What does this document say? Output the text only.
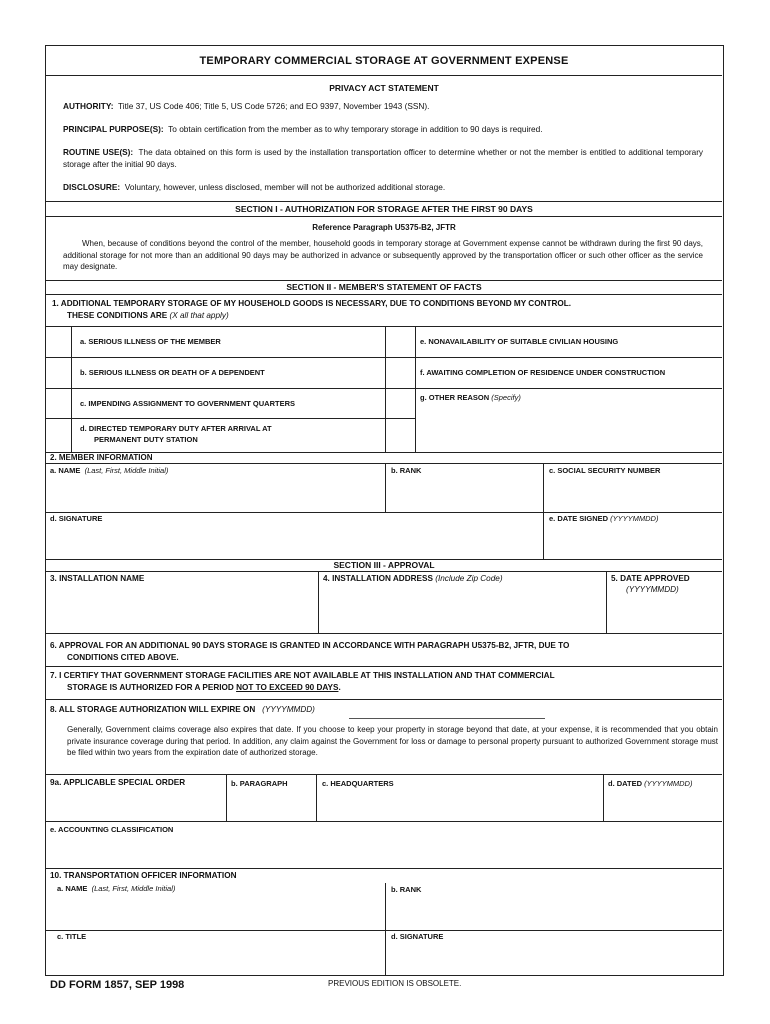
TEMPORARY COMMERCIAL STORAGE AT GOVERNMENT EXPENSE
PRIVACY ACT STATEMENT
AUTHORITY: Title 37, US Code 406; Title 5, US Code 5726; and EO 9397, November 1943 (SSN).
PRINCIPAL PURPOSE(S): To obtain certification from the member as to why temporary storage in addition to 90 days is required.
ROUTINE USE(S): The data obtained on this form is used by the installation transportation officer to determine whether or not the member is entitled to additional temporary storage after the initial 90 days.
DISCLOSURE: Voluntary, however, unless disclosed, member will not be authorized additional storage.
SECTION I - AUTHORIZATION FOR STORAGE AFTER THE FIRST 90 DAYS
Reference Paragraph U5375-B2, JFTR
When, because of conditions beyond the control of the member, household goods in temporary storage at Government expense cannot be withdrawn during the first 90 days, additional storage for not more than an additional 90 days may be authorized in advance or subsequently approved by the transportation officer or such other officer as the service may designate.
SECTION II - MEMBER'S STATEMENT OF FACTS
1. ADDITIONAL TEMPORARY STORAGE OF MY HOUSEHOLD GOODS IS NECESSARY, DUE TO CONDITIONS BEYOND MY CONTROL.
THESE CONDITIONS ARE (X all that apply)
a. SERIOUS ILLNESS OF THE MEMBER
b. SERIOUS ILLNESS OR DEATH OF A DEPENDENT
c. IMPENDING ASSIGNMENT TO GOVERNMENT QUARTERS
d. DIRECTED TEMPORARY DUTY AFTER ARRIVAL AT
PERMANENT DUTY STATION
e. NONAVAILABILITY OF SUITABLE CIVILIAN HOUSING
f. AWAITING COMPLETION OF RESIDENCE UNDER CONSTRUCTION
g. OTHER REASON (Specify)
2. MEMBER INFORMATION
a. NAME (Last, First, Middle Initial)	b. RANK	c. SOCIAL SECURITY NUMBER
d. SIGNATURE	e. DATE SIGNED (YYYYMMDD)
SECTION III - APPROVAL
3. INSTALLATION NAME	4. INSTALLATION ADDRESS (Include Zip Code)	5. DATE APPROVED
(YYYYMMDD)
6. APPROVAL FOR AN ADDITIONAL 90 DAYS STORAGE IS GRANTED IN ACCORDANCE WITH PARAGRAPH U5375-B2, JFTR, DUE TO
CONDITIONS CITED ABOVE.
7. I CERTIFY THAT GOVERNMENT STORAGE FACILITIES ARE NOT AVAILABLE AT THIS INSTALLATION AND THAT COMMERCIAL
STORAGE IS AUTHORIZED FOR A PERIOD NOT TO EXCEED 90 DAYS.
8. ALL STORAGE AUTHORIZATION WILL EXPIRE ON (YYYYMMDD)
Generally, Government claims coverage also expires that date. If you choose to keep your property in storage beyond that date, at your expense, it is recommended that you obtain private insurance coverage during that period. In addition, any claim against the Government for loss or damage to personal property pursuant to authorized Government storage must be filed within two years from the expiration date of authorized storage.
9a. APPLICABLE SPECIAL ORDER	b. PARAGRAPH	c. HEADQUARTERS	d. DATED (YYYYMMDD)
e. ACCOUNTING CLASSIFICATION
10. TRANSPORTATION OFFICER INFORMATION
a. NAME (Last, First, Middle Initial)	b. RANK
c. TITLE	d. SIGNATURE
DD FORM 1857, SEP 1998	PREVIOUS EDITION IS OBSOLETE.
